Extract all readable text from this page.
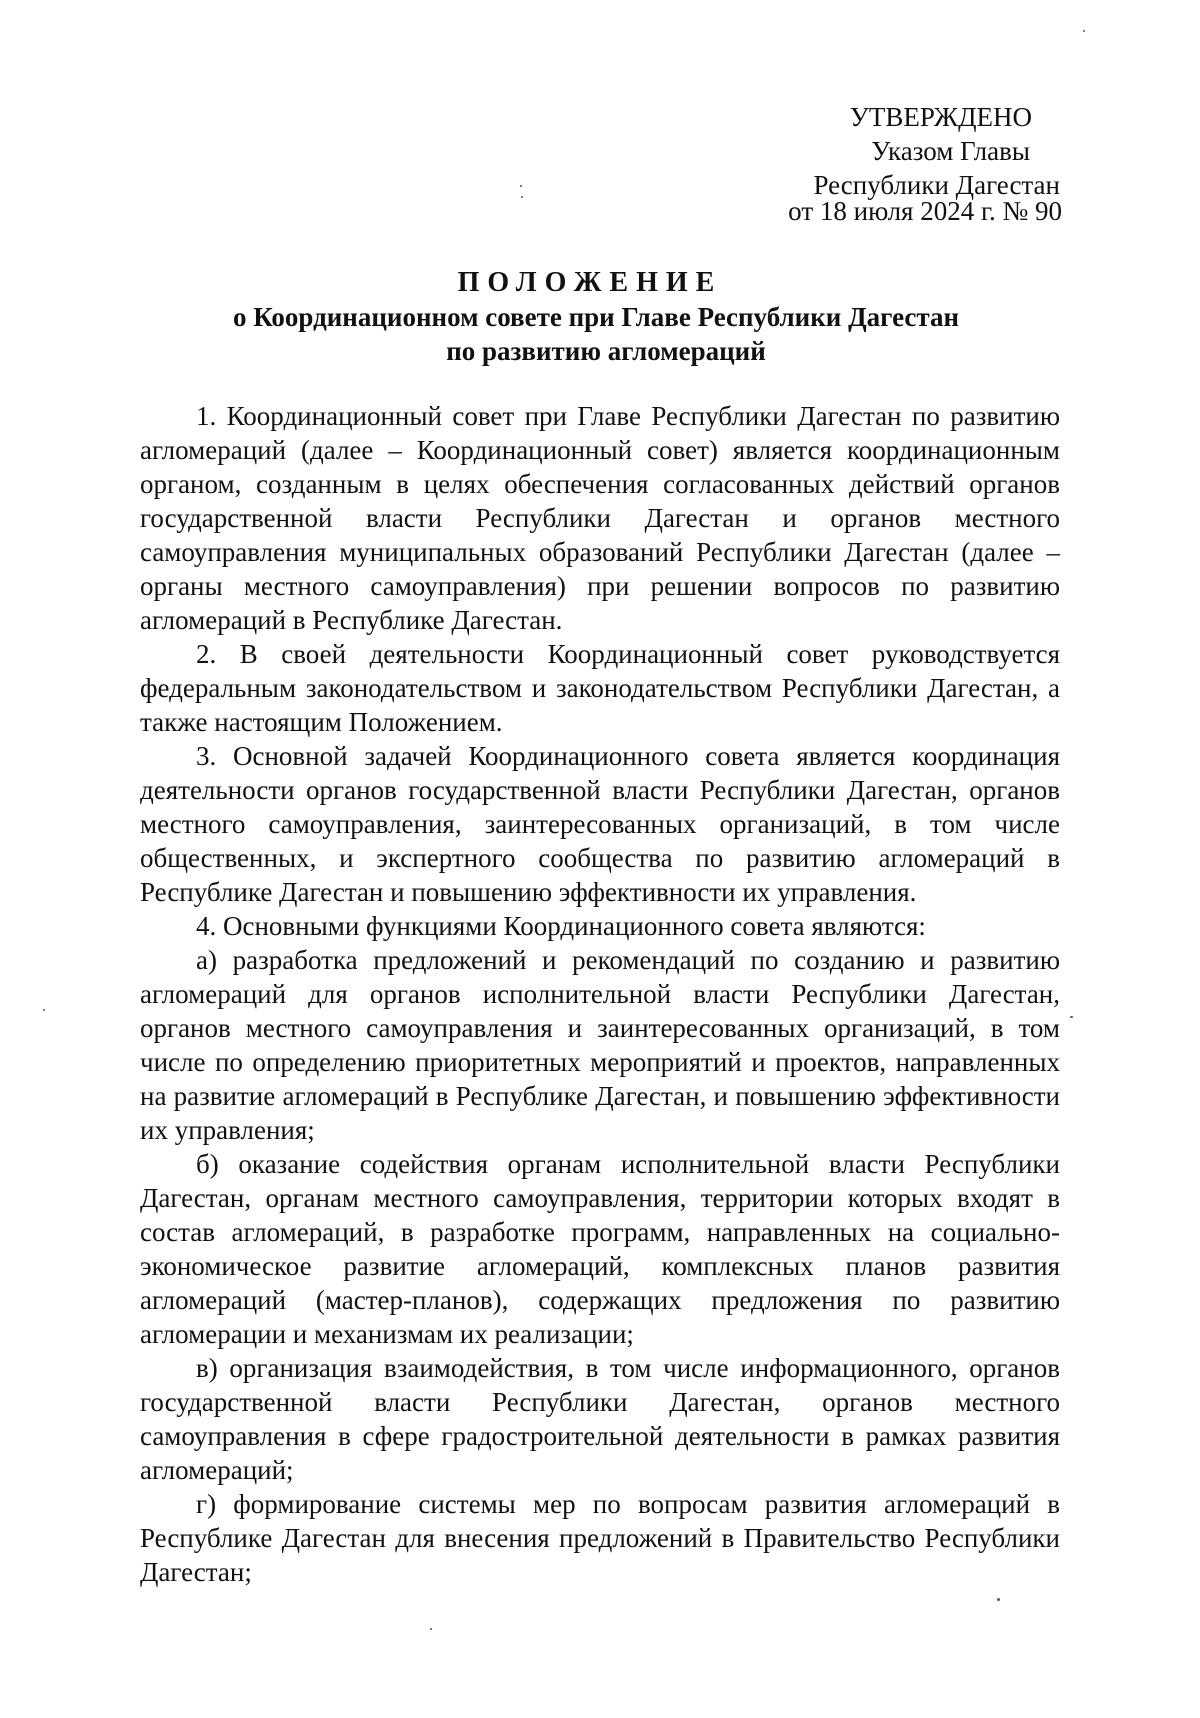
УТВЕРЖДЕНО
Указом Главы
Республики Дагестан
от 18 июля 2024 г. № 90
ПОЛОЖЕНИЕ
о Координационном совете при Главе Республики Дагестан
по развитию агломераций

1. Координационный совет при Главе Республики Дагестан по развитию агломераций (далее – Координационный совет) является координационным органом, созданным в целях обеспечения согласованных действий органов государственной власти Республики Дагестан и органов местного самоуправления муниципальных образований Республики Дагестан (далее – органы местного самоуправления) при решении вопросов по развитию агломераций в Республике Дагестан.

2. В своей деятельности Координационный совет руководствуется федеральным законодательством и законодательством Республики Дагестан, а также настоящим Положением.

3. Основной задачей Координационного совета является координация деятельности органов государственной власти Республики Дагестан, органов местного самоуправления, заинтересованных организаций, в том числе общественных, и экспертного сообщества по развитию агломераций в Республике Дагестан и повышению эффективности их управления.

4. Основными функциями Координационного совета являются:

а) разработка предложений и рекомендаций по созданию и развитию агломераций для органов исполнительной власти Республики Дагестан, органов местного самоуправления и заинтересованных организаций, в том числе по определению приоритетных мероприятий и проектов, направленных на развитие агломераций в Республике Дагестан, и повышению эффективности их управления;

б) оказание содействия органам исполнительной власти Республики Дагестан, органам местного самоуправления, территории которых входят в состав агломераций, в разработке программ, направленных на социально-экономическое развитие агломераций, комплексных планов развития агломераций (мастер-планов), содержащих предложения по развитию агломерации и механизмам их реализации;

в) организация взаимодействия, в том числе информационного, органов государственной власти Республики Дагестан, органов местного самоуправления в сфере градостроительной деятельности в рамках развития агломераций;

г) формирование системы мер по вопросам развития агломераций в Республике Дагестан для внесения предложений в Правительство Республики Дагестан;
